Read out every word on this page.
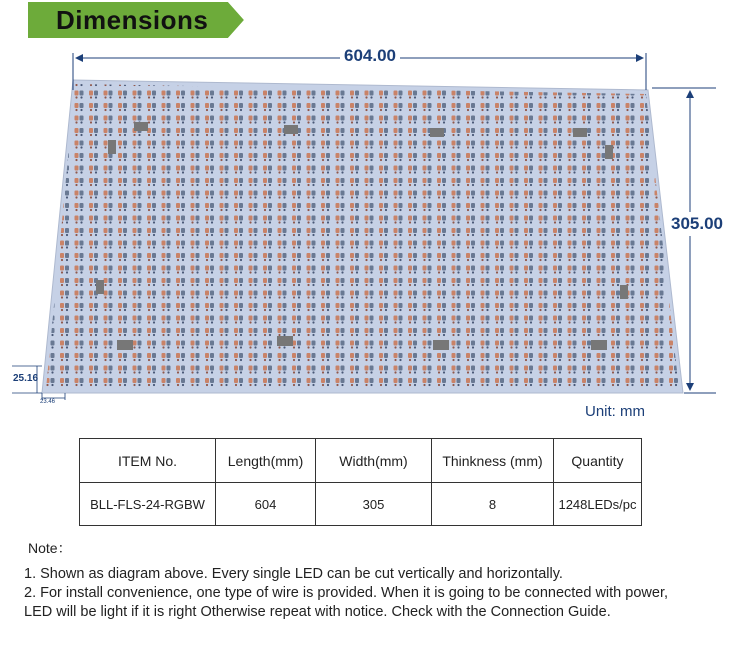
Dimensions
604.00
305.00
25.16
23.46
Unit: mm
ITEM No.	Length(mm)	Width(mm)	Thinkness (mm)	Quantity
BLL-FLS-24-RGBW	604	305	8	1248LEDs/pc
Note：
1. Shown as diagram above. Every single LED can be cut vertically and horizontally.
2. For install convenience, one type of wire is provided. When it is going to be connected with power,
LED will be light if it is right Otherwise repeat with notice. Check with the Connection Guide.
